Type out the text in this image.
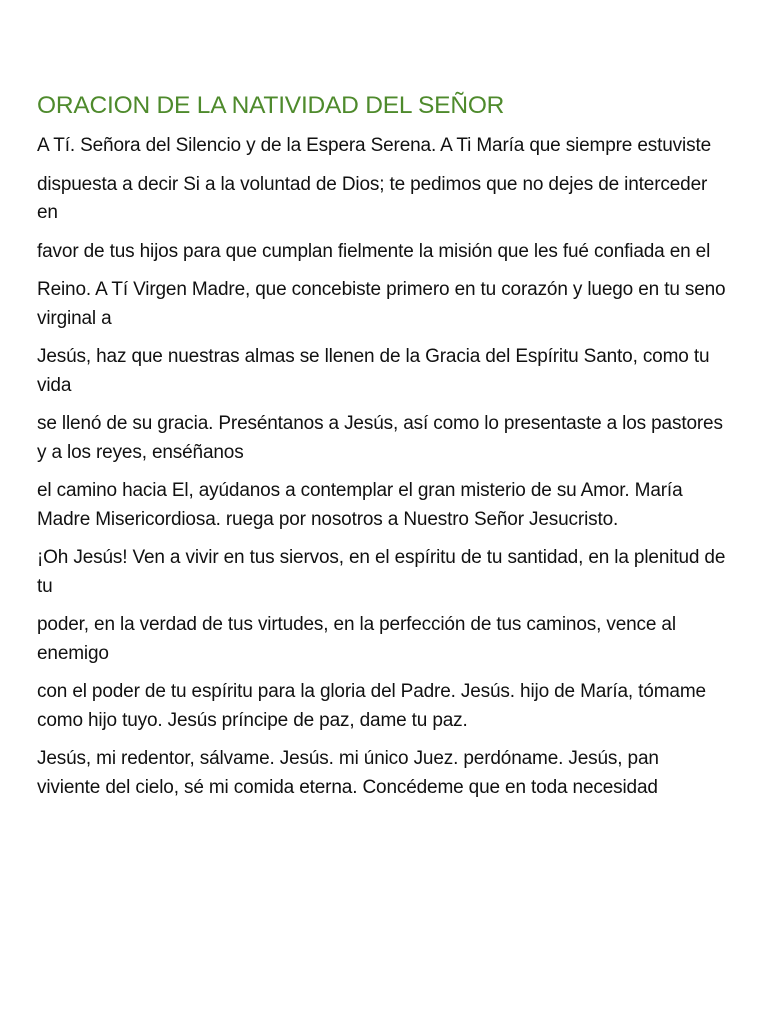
ORACION DE LA NATIVIDAD DEL SEÑOR

A Tí. Señora del Silencio y de la Espera Serena. A Ti María que siempre estuviste

dispuesta a decir Si a la voluntad de Dios; te pedimos que no dejes de interceder en

favor de tus hijos para que cumplan fielmente la misión que les fué confiada en el

Reino. A Tí Virgen Madre, que concebiste primero en tu corazón y luego en tu seno virginal a

Jesús, haz que nuestras almas se llenen de la Gracia del Espíritu Santo, como tu vida

se llenó de su gracia. Preséntanos a Jesús, así como lo presentaste a los pastores y a los reyes, enséñanos

el camino hacia El, ayúdanos a contemplar el gran misterio de su Amor. María Madre Misericordiosa. ruega por nosotros a Nuestro Señor Jesucristo.

¡Oh Jesús! Ven a vivir en tus siervos, en el espíritu de tu santidad, en la plenitud de tu

poder, en la verdad de tus virtudes, en la perfección de tus caminos, vence al enemigo

con el poder de tu espíritu para la gloria del Padre. Jesús. hijo de María, tómame como hijo tuyo. Jesús príncipe de paz, dame tu paz.

Jesús, mi redentor, sálvame. Jesús. mi único Juez. perdóname. Jesús, pan viviente del cielo, sé mi comida eterna. Concédeme que en toda necesidad
